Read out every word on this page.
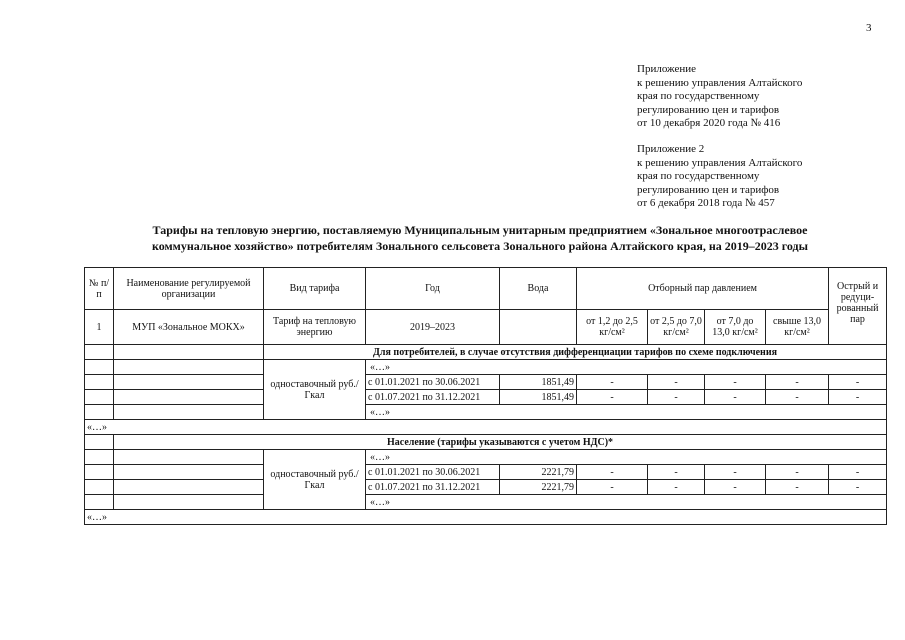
3
Приложение
к решению управления Алтайского
края по государственному
регулированию цен и тарифов
от 10 декабря 2020 года № 416
Приложение 2
к решению управления Алтайского
края по государственному
регулированию цен и тарифов
от 6 декабря 2018 года № 457
Тарифы на тепловую энергию, поставляемую Муниципальным унитарным предприятием «Зональное многоотраслевое
коммунальное хозяйство» потребителям Зонального сельсовета Зонального района Алтайского края, на 2019–2023 годы
№ п/п	Наименование регулируемой организации	Вид тарифа	Год	Вода	Отборный пар давлением				Острый и редуци-рованный пар
1	МУП «Зональное МОКХ»	Тариф на тепловую энергию	2019–2023		от 1,2 до 2,5 кг/см²	от 2,5 до 7,0 кг/см²	от 7,0 до 13,0 кг/см²	свыше 13,0 кг/см²	
		Для потребителей, в случае отсутствия дифференциации тарифов по схеме подключения							
		одноставочный руб./Гкал	«…»						
			с 01.01.2021 по 30.06.2021	1851,49	-	-	-	-	-
			с 01.07.2021 по 31.12.2021	1851,49	-	-	-	-	-
			«…»						
«…»									
	Население (тарифы указываются с учетом НДС)*								
		одноставочный руб./Гкал	«…»						
			с 01.01.2021 по 30.06.2021	2221,79	-	-	-	-	-
			с 01.07.2021 по 31.12.2021	2221,79	-	-	-	-	-
			«…»						
«…»									
